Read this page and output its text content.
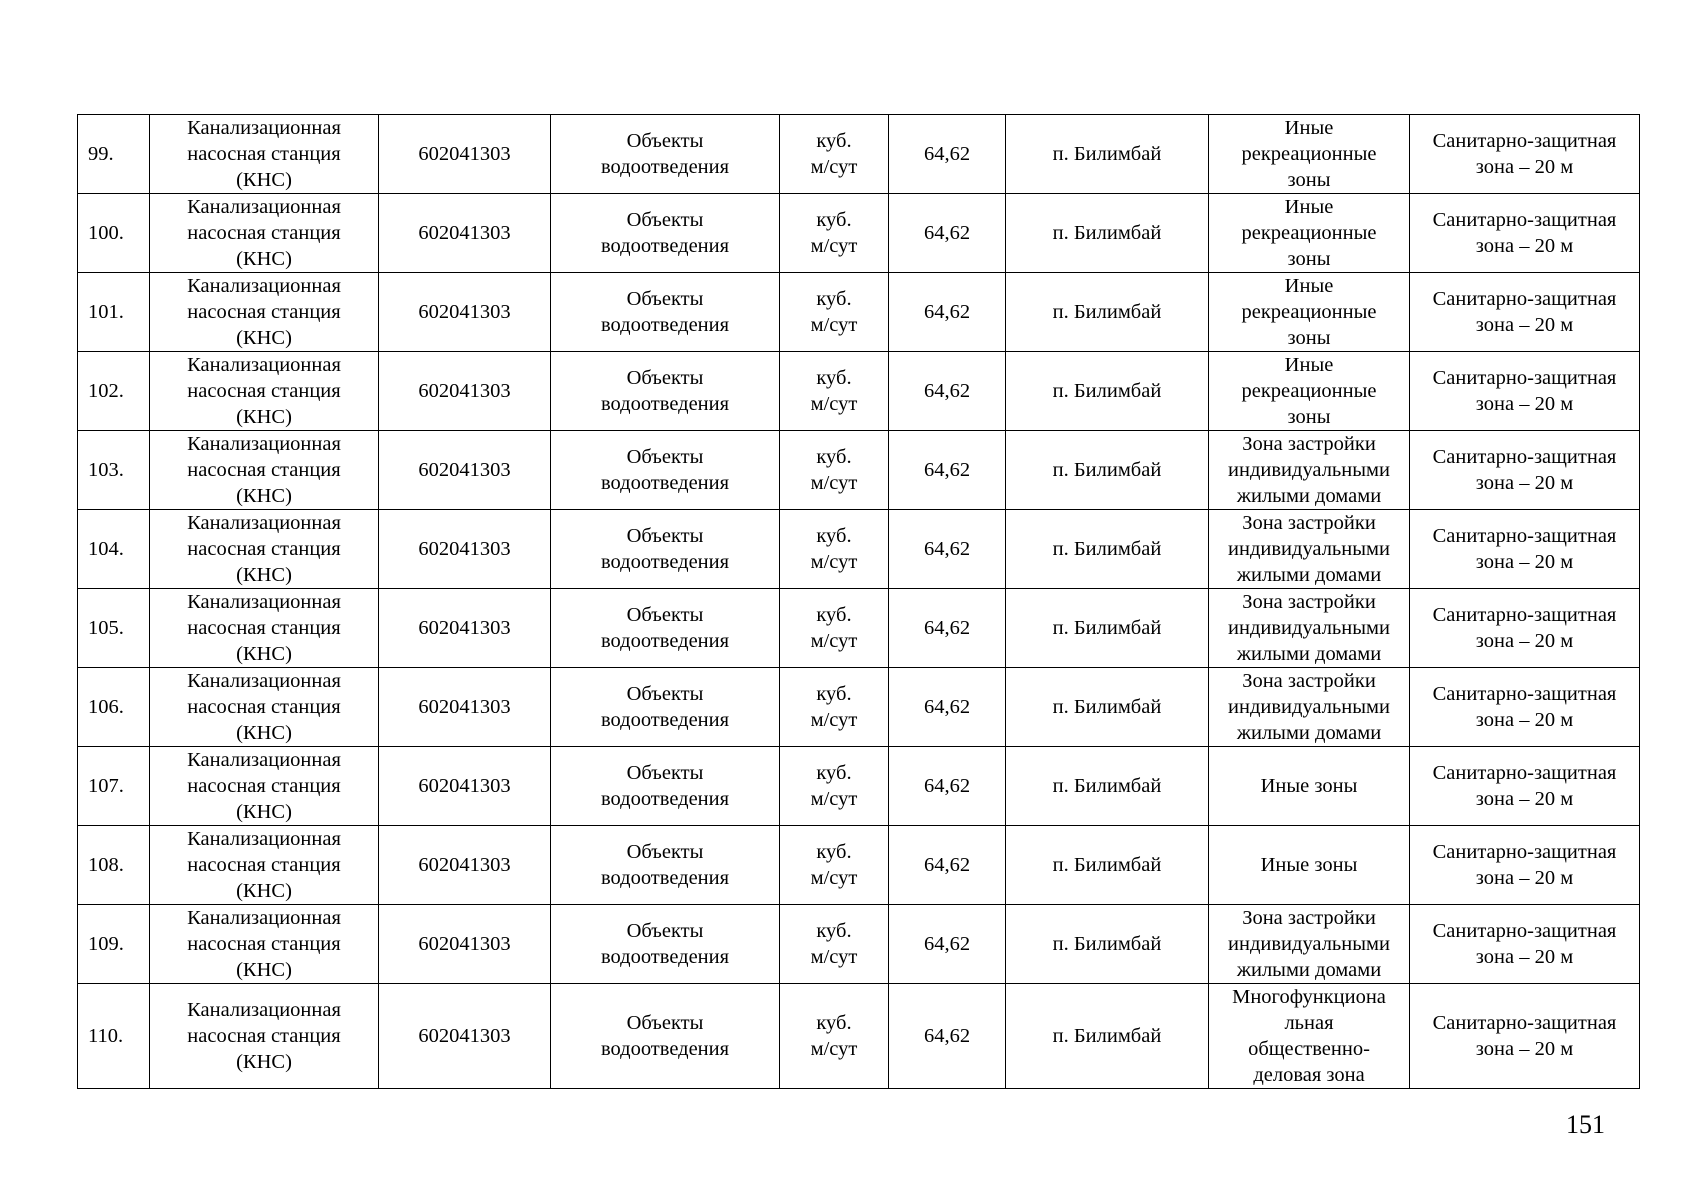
99.	Канализационная
насосная станция
(КНС)	602041303	Объекты
водоотведения	куб.
м/сут	64,62	п. Билимбай	Иные
рекреационные
зоны	Санитарно-защитная
зона – 20 м

100.	Канализационная
насосная станция
(КНС)	602041303	Объекты
водоотведения	куб.
м/сут	64,62	п. Билимбай	Иные
рекреационные
зоны	Санитарно-защитная
зона – 20 м

101.	Канализационная
насосная станция
(КНС)	602041303	Объекты
водоотведения	куб.
м/сут	64,62	п. Билимбай	Иные
рекреационные
зоны	Санитарно-защитная
зона – 20 м

102.	Канализационная
насосная станция
(КНС)	602041303	Объекты
водоотведения	куб.
м/сут	64,62	п. Билимбай	Иные
рекреационные
зоны	Санитарно-защитная
зона – 20 м

103.	Канализационная
насосная станция
(КНС)	602041303	Объекты
водоотведения	куб.
м/сут	64,62	п. Билимбай	Зона застройки
индивидуальными
жилыми домами	Санитарно-защитная
зона – 20 м

104.	Канализационная
насосная станция
(КНС)	602041303	Объекты
водоотведения	куб.
м/сут	64,62	п. Билимбай	Зона застройки
индивидуальными
жилыми домами	Санитарно-защитная
зона – 20 м

105.	Канализационная
насосная станция
(КНС)	602041303	Объекты
водоотведения	куб.
м/сут	64,62	п. Билимбай	Зона застройки
индивидуальными
жилыми домами	Санитарно-защитная
зона – 20 м

106.	Канализационная
насосная станция
(КНС)	602041303	Объекты
водоотведения	куб.
м/сут	64,62	п. Билимбай	Зона застройки
индивидуальными
жилыми домами	Санитарно-защитная
зона – 20 м

107.	Канализационная
насосная станция
(КНС)	602041303	Объекты
водоотведения	куб.
м/сут	64,62	п. Билимбай	Иные зоны	Санитарно-защитная
зона – 20 м

108.	Канализационная
насосная станция
(КНС)	602041303	Объекты
водоотведения	куб.
м/сут	64,62	п. Билимбай	Иные зоны	Санитарно-защитная
зона – 20 м

109.	Канализационная
насосная станция
(КНС)	602041303	Объекты
водоотведения	куб.
м/сут	64,62	п. Билимбай	Зона застройки
индивидуальными
жилыми домами	Санитарно-защитная
зона – 20 м

110.	Канализационная
насосная станция
(КНС)	602041303	Объекты
водоотведения	куб.
м/сут	64,62	п. Билимбай	Многофункциона
льная
общественно-
деловая зона	Санитарно-защитная
зона – 20 м
151
